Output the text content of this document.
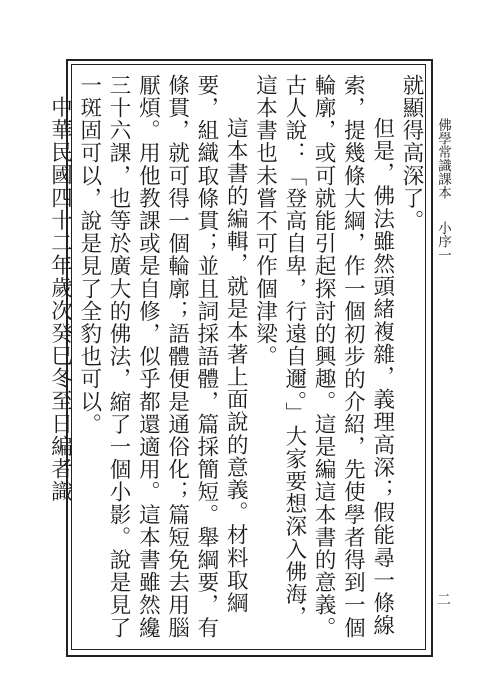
佛學常識課本小序一
二

就顯得高深了。

但是，佛法雖然頭緒複雜，義理高深；假能尋一條線索，提幾條大綱，作一個初步的介紹，先使學者得到一個輪廓，或可就能引起探討的興趣。這是編這本書的意義。古人說：「登高自卑，行遠自邇。」大家要想深入佛海，這本書也未嘗不可作個津梁。

這本書的編輯，就是本著上面說的意義。材料取綱要，組織取條貫；並且詞採語體，篇採簡短。舉綱要，有條貫，就可得一個輪廓；語體便是通俗化；篇短免去用腦厭煩。用他教課或是自修，似乎都還適用。這本書雖然纔三十六課，也等於廣大的佛法，縮了一個小影。說是見了一斑固可以，說是見了全豹也可以。

中華民國四十二年歲次癸巳冬至日編者識
